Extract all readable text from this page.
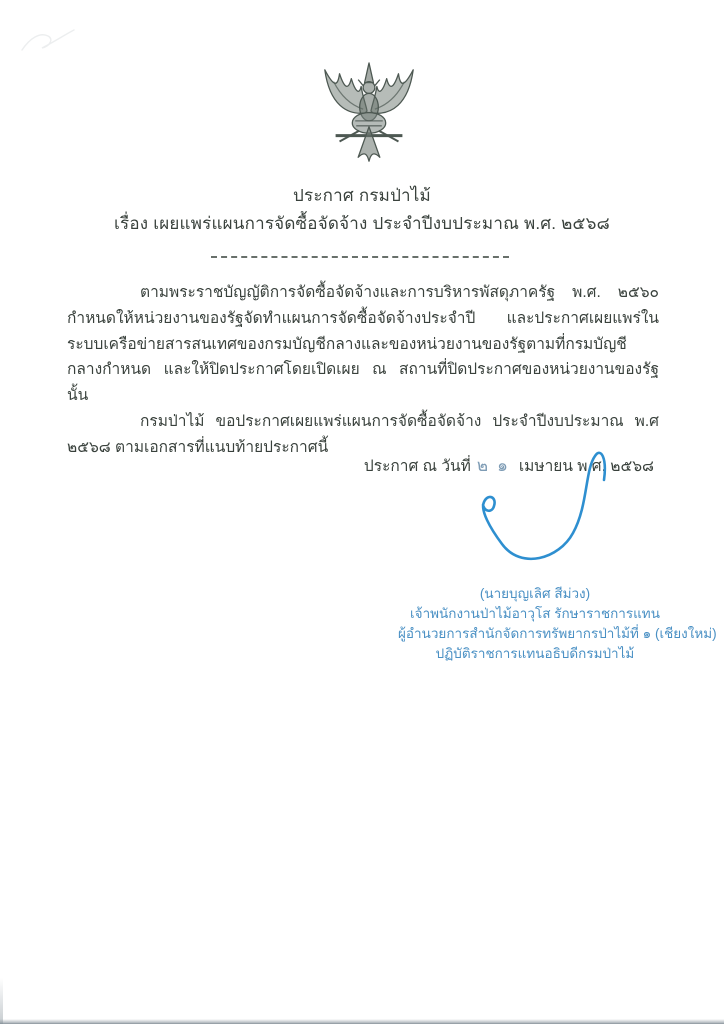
ประกาศ กรมป่าไม้
เรื่อง เผยแพร่แผนการจัดซื้อจัดจ้าง ประจำปีงบประมาณ พ.ศ. ๒๕๖๘

ตามพระราชบัญญัติการจัดซื้อจัดจ้างและการบริหารพัสดุภาครัฐ พ.ศ. ๒๕๖๐ กำหนดให้หน่วยงานของรัฐจัดทำแผนการจัดซื้อจัดจ้างประจำปี และประกาศเผยแพร่ในระบบเครือข่ายสารสนเทศของกรมบัญชีกลางและของหน่วยงานของรัฐตามที่กรมบัญชีกลางกำหนด และให้ปิดประกาศโดยเปิดเผย ณ สถานที่ปิดประกาศของหน่วยงานของรัฐ นั้น

กรมป่าไม้ ขอประกาศเผยแพร่แผนการจัดซื้อจัดจ้าง ประจำปีงบประมาณ พ.ศ ๒๕๖๘ ตามเอกสารที่แนบท้ายประกาศนี้

ประกาศ ณ วันที่ ๒๑ เมษายน พ.ศ. ๒๕๖๘
(นายบุญเลิศ สีม่วง)
เจ้าพนักงานป่าไม้อาวุโส รักษาราชการแทน
ผู้อำนวยการสำนักจัดการทรัพยากรป่าไม้ที่ ๑ (เชียงใหม่)
ปฏิบัติราชการแทนอธิบดีกรมป่าไม้
